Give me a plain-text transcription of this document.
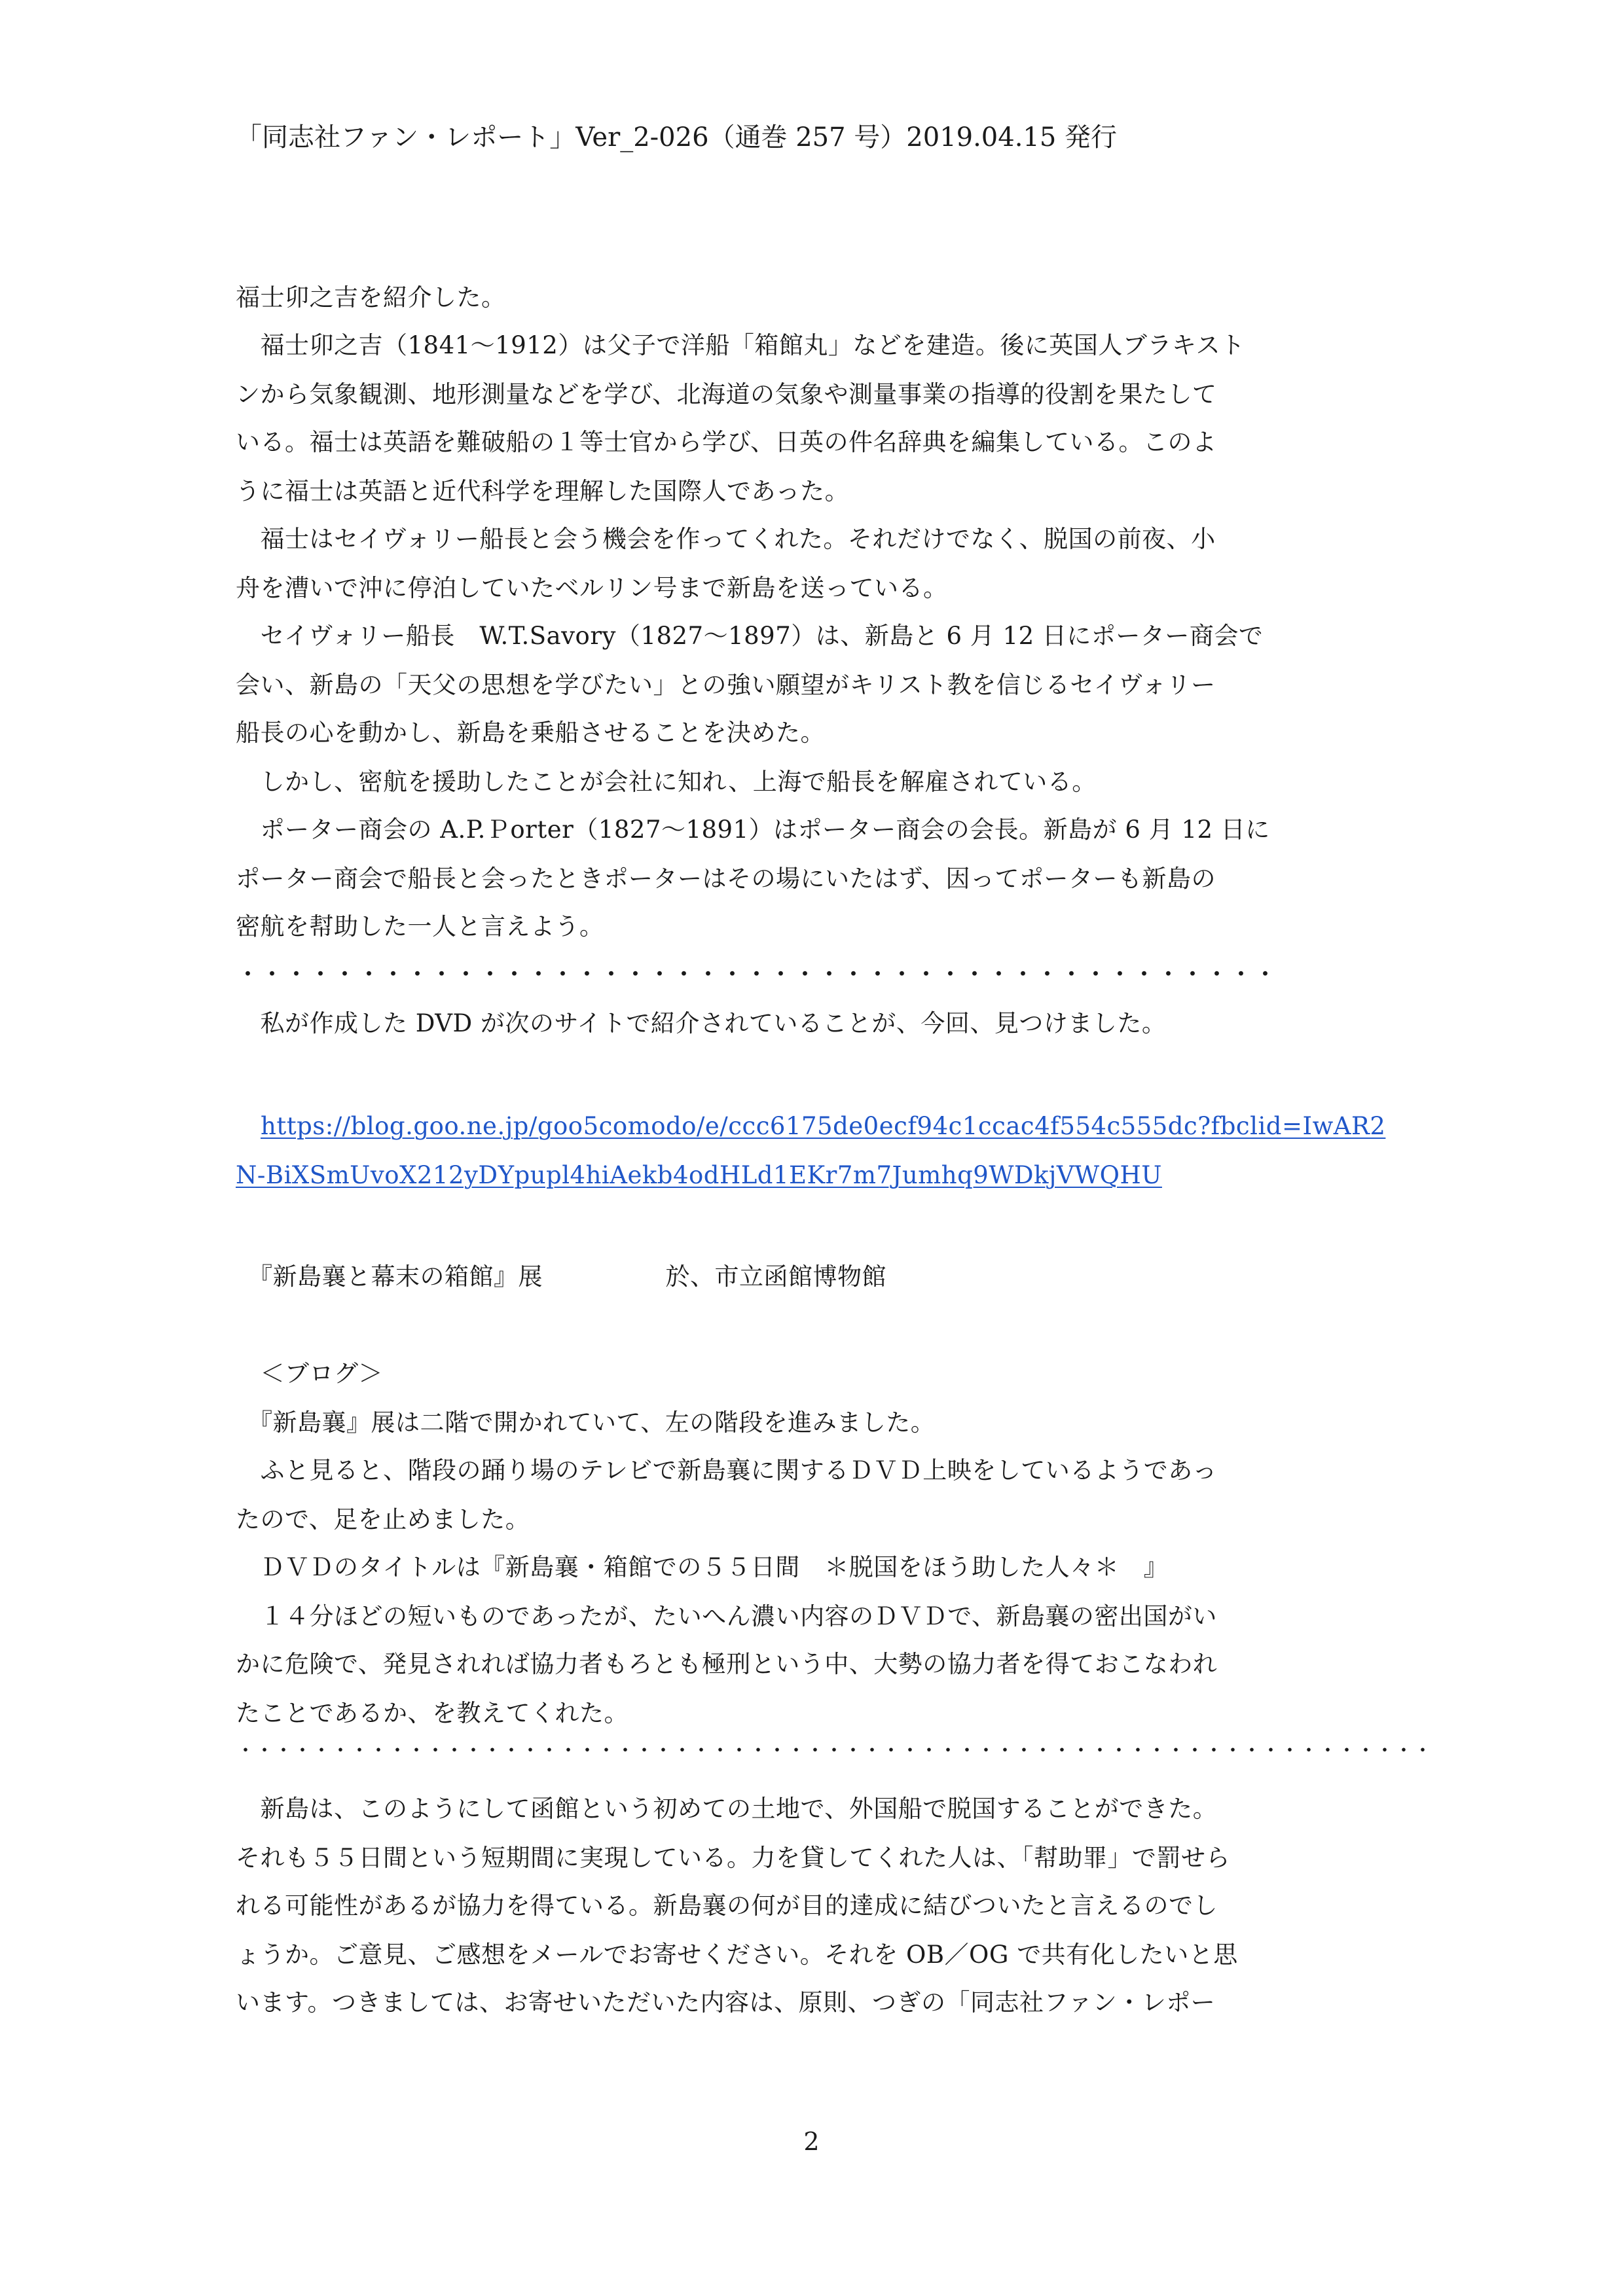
「同志社ファン・レポート」Ver_2-026（通巻 257 号）2019.04.15 発行
福士卯之吉を紹介した。
　福士卯之吉（1841～1912）は父子で洋船「箱館丸」などを建造。後に英国人ブラキスト
ンから気象観測、地形測量などを学び、北海道の気象や測量事業の指導的役割を果たして
いる。福士は英語を難破船の１等士官から学び、日英の件名辞典を編集している。このよ
うに福士は英語と近代科学を理解した国際人であった。
　福士はセイヴォリー船長と会う機会を作ってくれた。それだけでなく、脱国の前夜、小
舟を漕いで沖に停泊していたベルリン号まで新島を送っている。
　セイヴォリー船長　W.T.Savory（1827～1897）は、新島と 6 月 12 日にポーター商会で
会い、新島の「天父の思想を学びたい」との強い願望がキリスト教を信じるセイヴォリー
船長の心を動かし、新島を乗船させることを決めた。
　しかし、密航を援助したことが会社に知れ、上海で船長を解雇されている。
　ポーター商会の A.P.Ｐorter（1827～1891）はポーター商会の会長。新島が 6 月 12 日に
ポーター商会で船長と会ったときポーターはその場にいたはず、因ってポーターも新島の
密航を幇助した一人と言えよう。
・・・・・・・・・・・・・・・・・・・・・・・・・・・・・・・・・・・・・・・・・・・
　私が作成した DVD が次のサイトで紹介されていることが、今回、見つけました。
https://blog.goo.ne.jp/goo5comodo/e/ccc6175de0ecf94c1ccac4f554c555dc?fbclid=IwAR2
N-BiXSmUvoX212yDYpupl4hiAekb4odHLd1EKr7m7Jumhq9WDkjVWQHU
　『新島襄と幕末の箱館』展　　　　　於、市立函館博物館
　＜ブログ＞
　『新島襄』展は二階で開かれていて、左の階段を進みました。
　ふと見ると、階段の踊り場のテレビで新島襄に関するＤＶＤ上映をしているようであっ
たので、足を止めました。
　ＤＶＤのタイトルは『新島襄・箱館での５５日間　＊脱国をほう助した人々＊　』
　１４分ほどの短いものであったが、たいへん濃い内容のＤＶＤで、新島襄の密出国がい
かに危険で、発見されれば協力者もろとも極刑という中、大勢の協力者を得ておこなわれ
たことであるか、を教えてくれた。
・・・・・・・・・・・・・・・・・・・・・・・・・・・・・・・・・・・・・・・・・・・・・・・・・・・・・・・・・・・・・・・
　新島は、このようにして函館という初めての土地で、外国船で脱国することができた。
それも５５日間という短期間に実現している。力を貸してくれた人は、「幇助罪」で罰せら
れる可能性があるが協力を得ている。新島襄の何が目的達成に結びついたと言えるのでし
ょうか。ご意見、ご感想をメールでお寄せください。それを OB／OG で共有化したいと思
います。つきましては、お寄せいただいた内容は、原則、つぎの「同志社ファン・レポー
2
